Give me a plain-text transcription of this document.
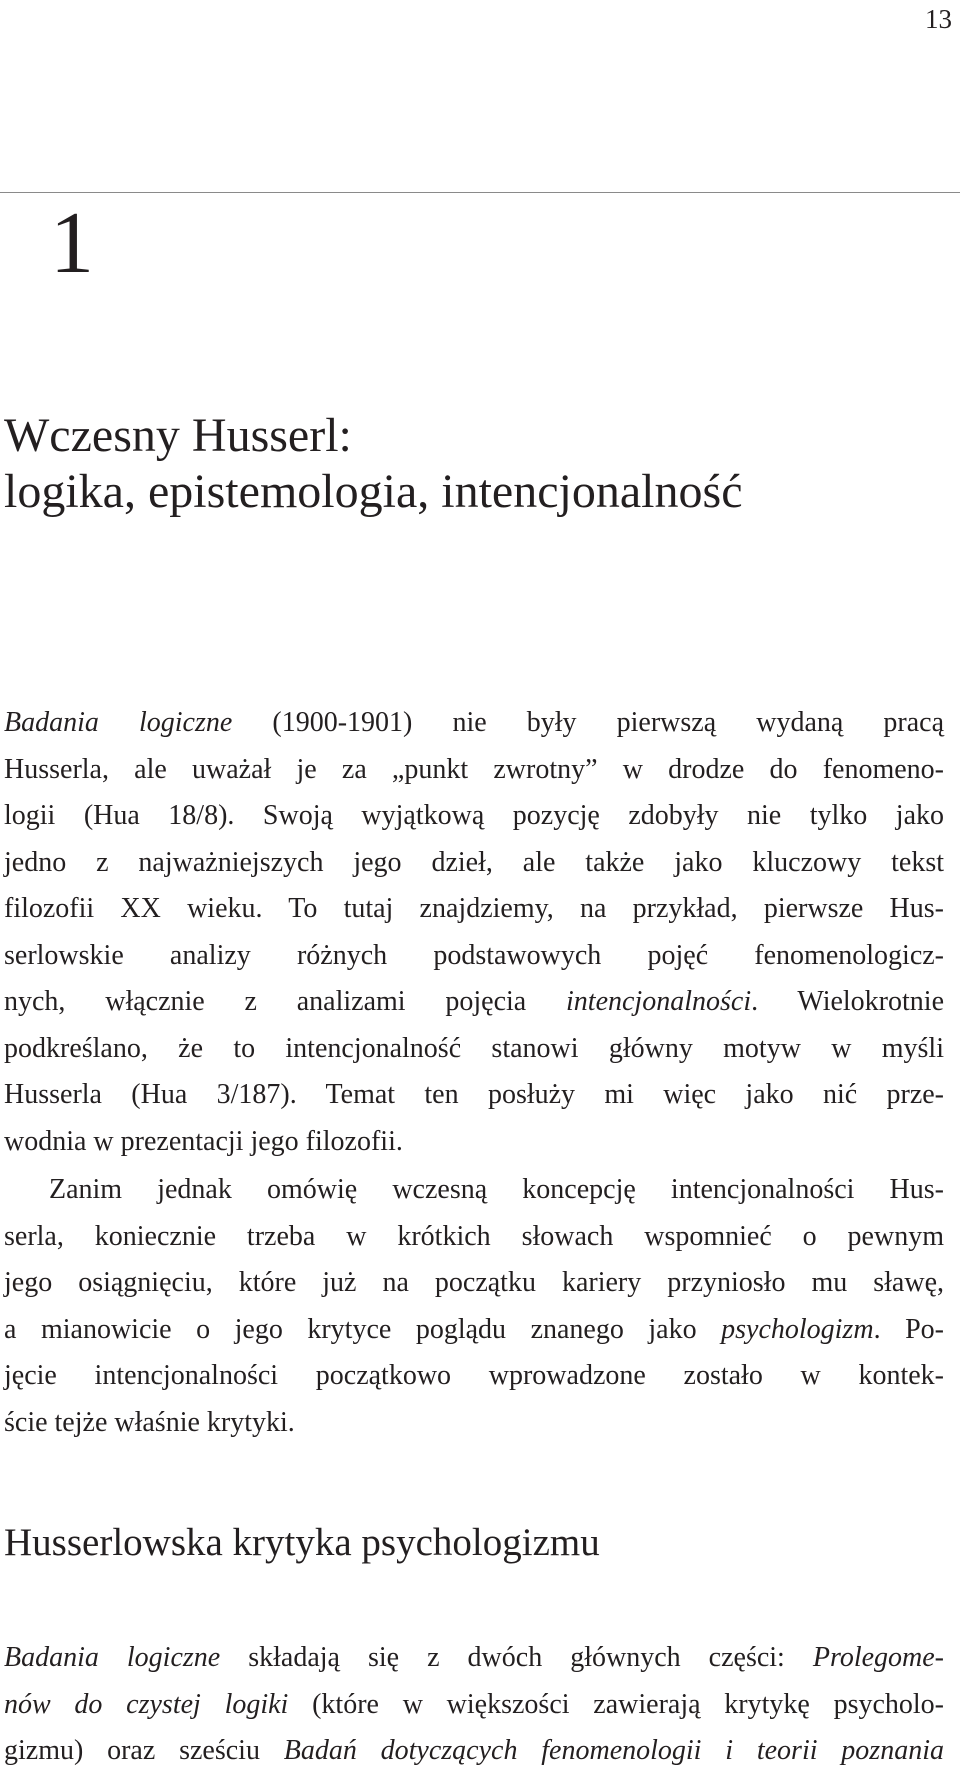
13
1
Wczesny Husserl:
logika, epistemologia, intencjonalność
Badania logiczne (1900-1901) nie były pierwszą wydaną pracą
Husserla, ale uważał je za „punkt zwrotny” w drodze do fenomeno-
logii (Hua 18/8). Swoją wyjątkową pozycję zdobyły nie tylko jako
jedno z najważniejszych jego dzieł, ale także jako kluczowy tekst
filozofii XX wieku. To tutaj znajdziemy, na przykład, pierwsze Hus-
serlowskie analizy różnych podstawowych pojęć fenomenologicz-
nych, włącznie z analizami pojęcia intencjonalności. Wielokrotnie
podkreślano, że to intencjonalność stanowi główny motyw w myśli
Husserla (Hua 3/187). Temat ten posłuży mi więc jako nić prze-
wodnia w prezentacji jego filozofii.
Zanim jednak omówię wczesną koncepcję intencjonalności Hus-
serla, koniecznie trzeba w krótkich słowach wspomnieć o pewnym
jego osiągnięciu, które już na początku kariery przyniosło mu sławę,
a mianowicie o jego krytyce poglądu znanego jako psychologizm. Po-
jęcie intencjonalności początkowo wprowadzone zostało w kontek-
ście tejże właśnie krytyki.
Husserlowska krytyka psychologizmu
Badania logiczne składają się z dwóch głównych części: Prolegome-
nów do czystej logiki (które w większości zawierają krytykę psycholo-
gizmu) oraz sześciu Badań dotyczących fenomenologii i teorii poznania
